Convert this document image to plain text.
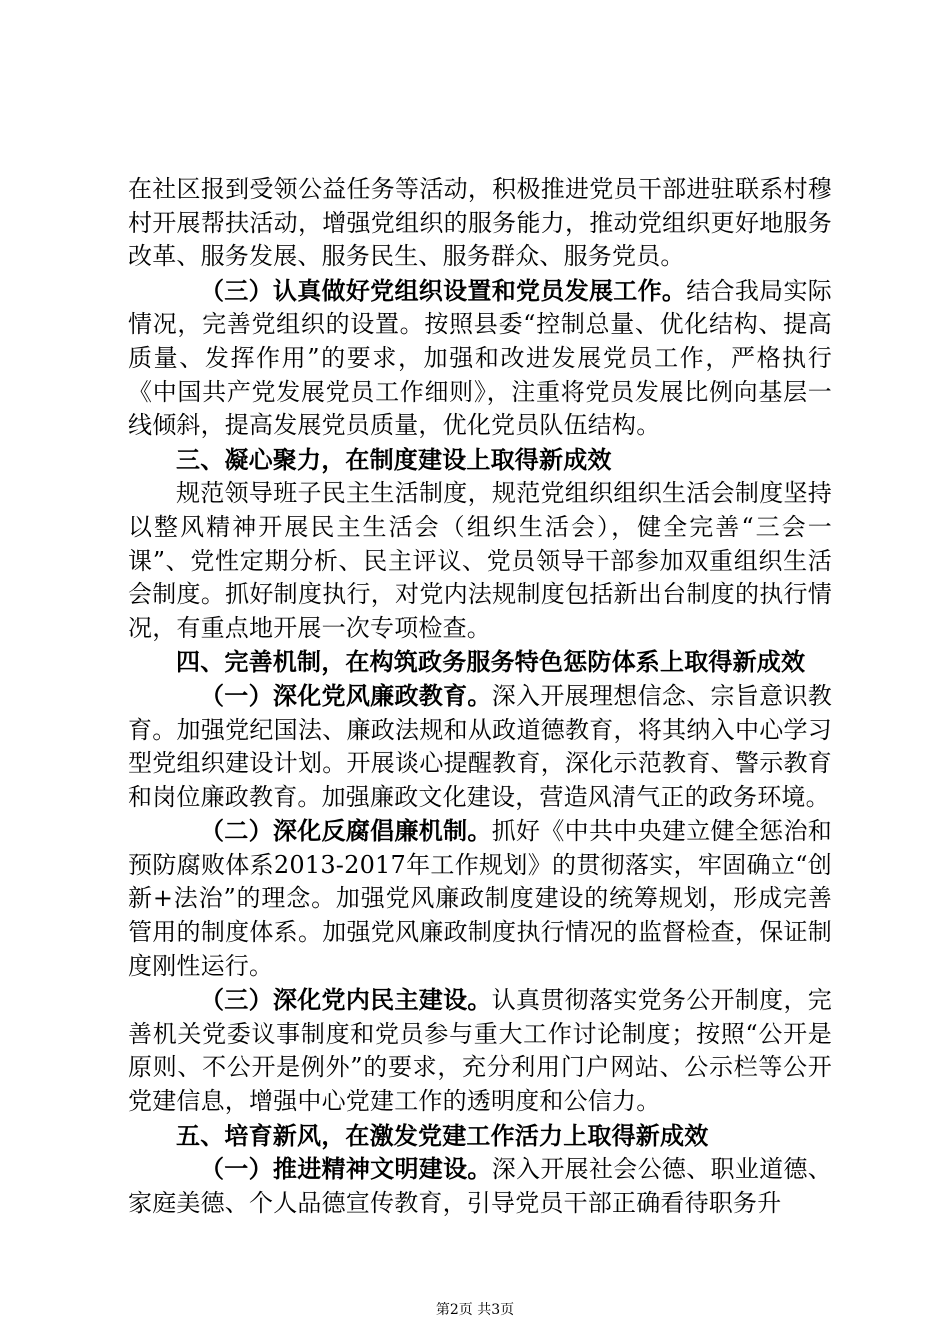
在社区报到受领公益任务等活动，积极推进党员干部进驻联系村穆村开展帮扶活动，增强党组织的服务能力，推动党组织更好地服务改革、服务发展、服务民生、服务群众、服务党员。

（三）认真做好党组织设置和党员发展工作。结合我局实际情况，完善党组织的设置。按照县委“控制总量、优化结构、提高质量、发挥作用”的要求，加强和改进发展党员工作，严格执行《中国共产党发展党员工作细则》，注重将党员发展比例向基层一线倾斜，提高发展党员质量，优化党员队伍结构。

三、凝心聚力，在制度建设上取得新成效

规范领导班子民主生活制度，规范党组织组织生活会制度坚持以整风精神开展民主生活会（组织生活会），健全完善“三会一课”、党性定期分析、民主评议、党员领导干部参加双重组织生活会制度。抓好制度执行，对党内法规制度包括新出台制度的执行情况，有重点地开展一次专项检查。

四、完善机制，在构筑政务服务特色惩防体系上取得新成效

（一）深化党风廉政教育。深入开展理想信念、宗旨意识教育。加强党纪国法、廉政法规和从政道德教育，将其纳入中心学习型党组织建设计划。开展谈心提醒教育，深化示范教育、警示教育和岗位廉政教育。加强廉政文化建设，营造风清气正的政务环境。

（二）深化反腐倡廉机制。抓好《中共中央建立健全惩治和预防腐败体系2013-2017年工作规划》的贯彻落实，牢固确立“创新+法治”的理念。加强党风廉政制度建设的统筹规划，形成完善管用的制度体系。加强党风廉政制度执行情况的监督检查，保证制度刚性运行。

（三）深化党内民主建设。认真贯彻落实党务公开制度，完善机关党委议事制度和党员参与重大工作讨论制度；按照“公开是原则、不公开是例外”的要求，充分利用门户网站、公示栏等公开党建信息，增强中心党建工作的透明度和公信力。

五、培育新风，在激发党建工作活力上取得新成效

（一）推进精神文明建设。深入开展社会公德、职业道德、家庭美德、个人品德宣传教育，引导党员干部正确看待职务升

第2页 共3页
